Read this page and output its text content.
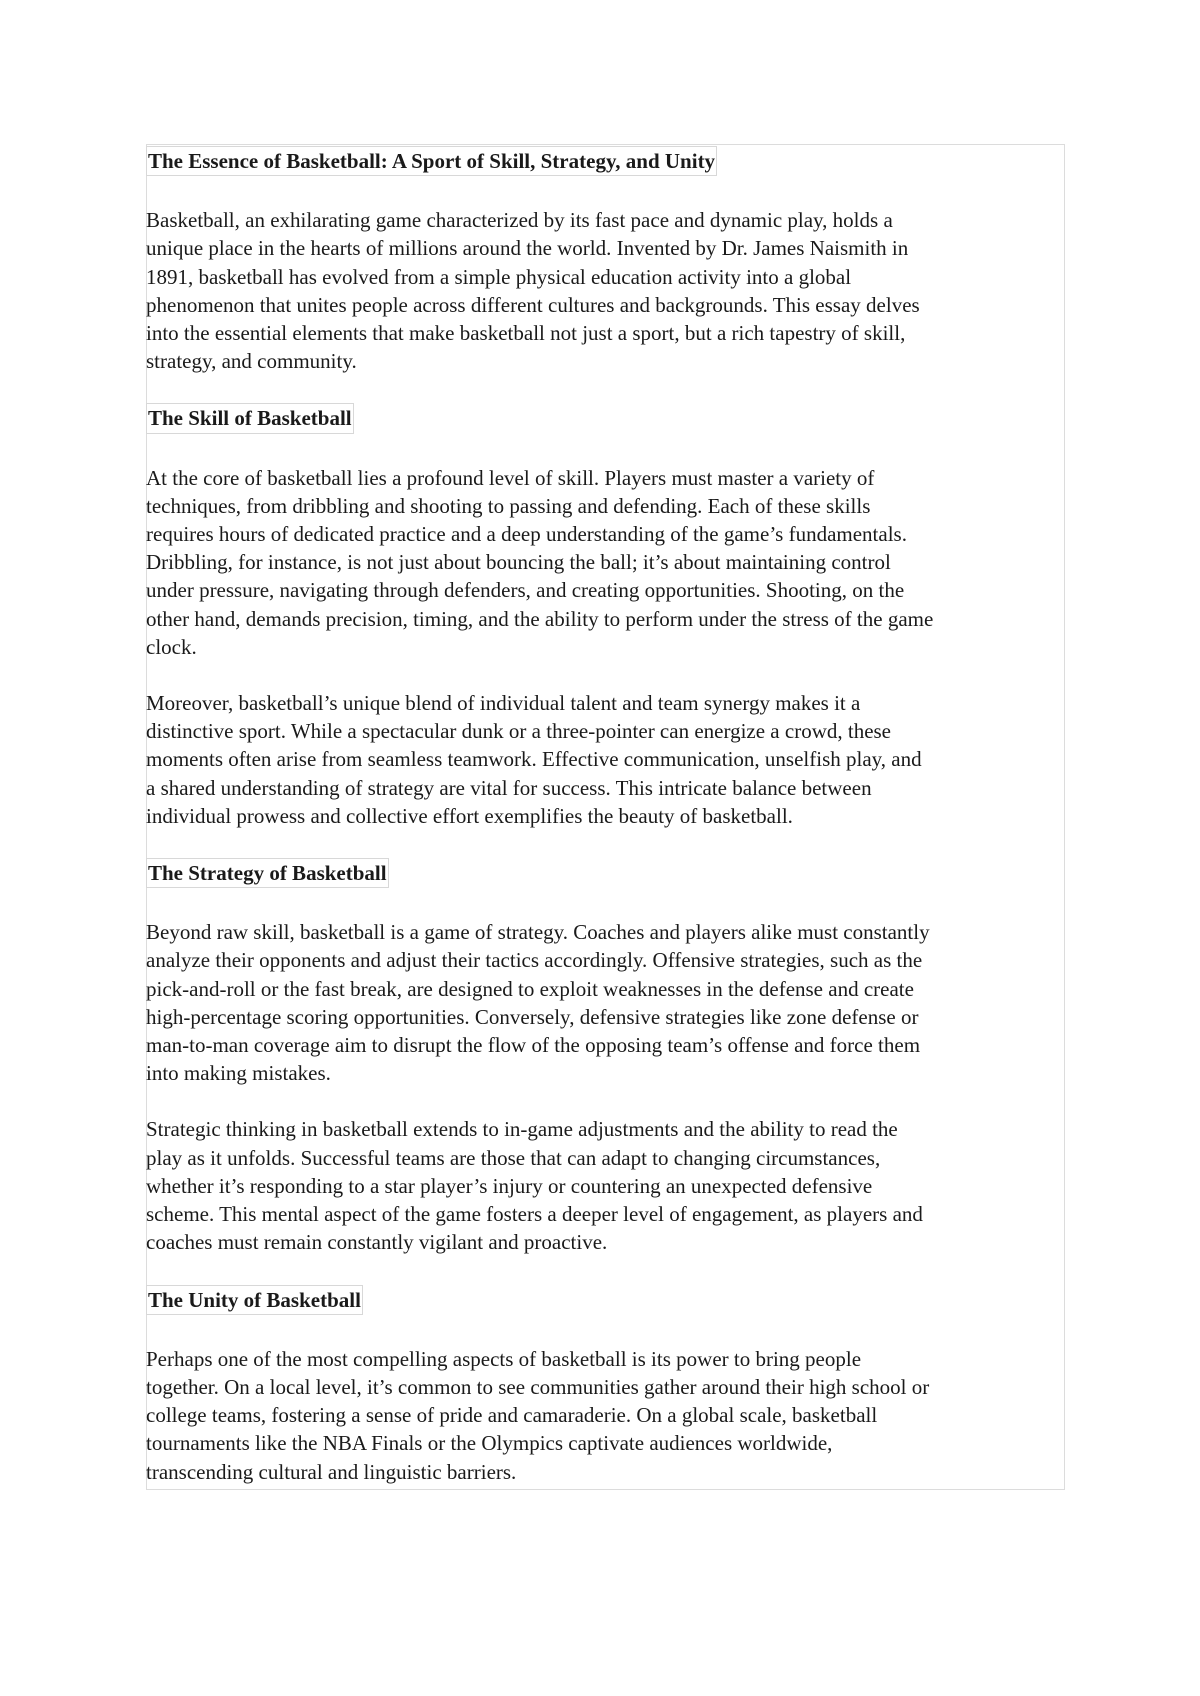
The Essence of Basketball: A Sport of Skill, Strategy, and Unity

Basketball, an exhilarating game characterized by its fast pace and dynamic play, holds a
unique place in the hearts of millions around the world. Invented by Dr. James Naismith in
1891, basketball has evolved from a simple physical education activity into a global
phenomenon that unites people across different cultures and backgrounds. This essay delves
into the essential elements that make basketball not just a sport, but a rich tapestry of skill,
strategy, and community.

The Skill of Basketball

At the core of basketball lies a profound level of skill. Players must master a variety of
techniques, from dribbling and shooting to passing and defending. Each of these skills
requires hours of dedicated practice and a deep understanding of the game’s fundamentals.
Dribbling, for instance, is not just about bouncing the ball; it’s about maintaining control
under pressure, navigating through defenders, and creating opportunities. Shooting, on the
other hand, demands precision, timing, and the ability to perform under the stress of the game
clock.

Moreover, basketball’s unique blend of individual talent and team synergy makes it a
distinctive sport. While a spectacular dunk or a three-pointer can energize a crowd, these
moments often arise from seamless teamwork. Effective communication, unselfish play, and
a shared understanding of strategy are vital for success. This intricate balance between
individual prowess and collective effort exemplifies the beauty of basketball.

The Strategy of Basketball

Beyond raw skill, basketball is a game of strategy. Coaches and players alike must constantly
analyze their opponents and adjust their tactics accordingly. Offensive strategies, such as the
pick-and-roll or the fast break, are designed to exploit weaknesses in the defense and create
high-percentage scoring opportunities. Conversely, defensive strategies like zone defense or
man-to-man coverage aim to disrupt the flow of the opposing team’s offense and force them
into making mistakes.

Strategic thinking in basketball extends to in-game adjustments and the ability to read the
play as it unfolds. Successful teams are those that can adapt to changing circumstances,
whether it’s responding to a star player’s injury or countering an unexpected defensive
scheme. This mental aspect of the game fosters a deeper level of engagement, as players and
coaches must remain constantly vigilant and proactive.

The Unity of Basketball

Perhaps one of the most compelling aspects of basketball is its power to bring people
together. On a local level, it’s common to see communities gather around their high school or
college teams, fostering a sense of pride and camaraderie. On a global scale, basketball
tournaments like the NBA Finals or the Olympics captivate audiences worldwide,
transcending cultural and linguistic barriers.
